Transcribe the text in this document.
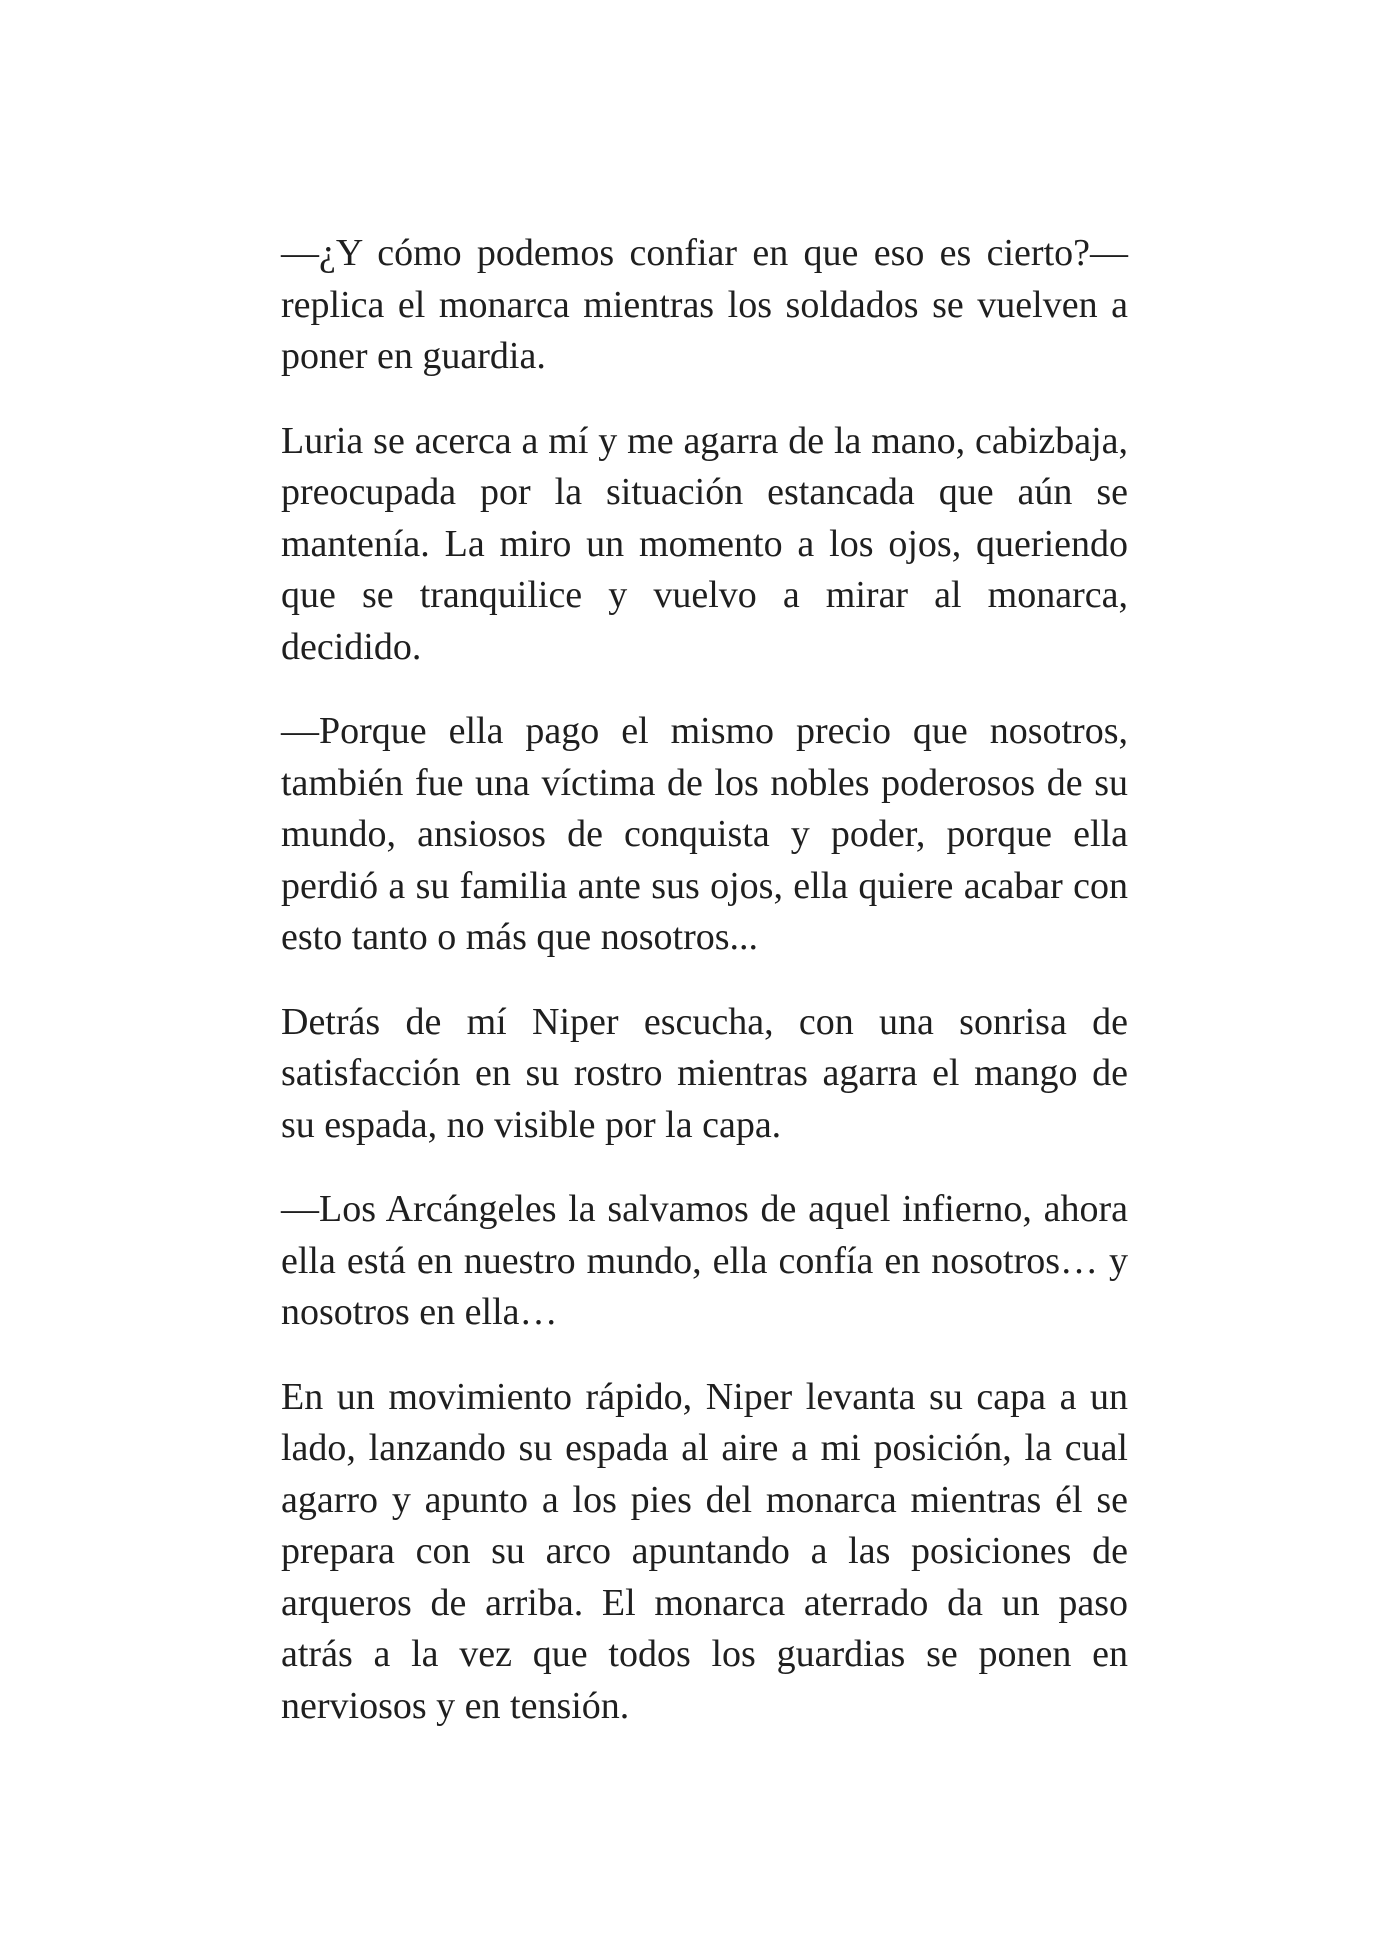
—¿Y cómo podemos confiar en que eso es cierto?— replica el monarca mientras los soldados se vuelven a poner en guardia.

Luria se acerca a mí y me agarra de la mano, cabizbaja, preocupada por la situación estancada que aún se mantenía. La miro un momento a los ojos, queriendo que se tranquilice y vuelvo a mirar al monarca, decidido.

—Porque ella pago el mismo precio que nosotros, también fue una víctima de los nobles poderosos de su mundo, ansiosos de conquista y poder, porque ella perdió a su familia ante sus ojos, ella quiere acabar con esto tanto o más que nosotros...

Detrás de mí Niper escucha, con una sonrisa de satisfacción en su rostro mientras agarra el mango de su espada, no visible por la capa.

—Los Arcángeles la salvamos de aquel infierno, ahora ella está en nuestro mundo, ella confía en nosotros… y nosotros en ella…

En un movimiento rápido, Niper levanta su capa a un lado, lanzando su espada al aire a mi posición, la cual agarro y apunto a los pies del monarca mientras él se prepara con su arco apuntando a las posiciones de arqueros de arriba. El monarca aterrado da un paso atrás a la vez que todos los guardias se ponen en nerviosos y en tensión.
